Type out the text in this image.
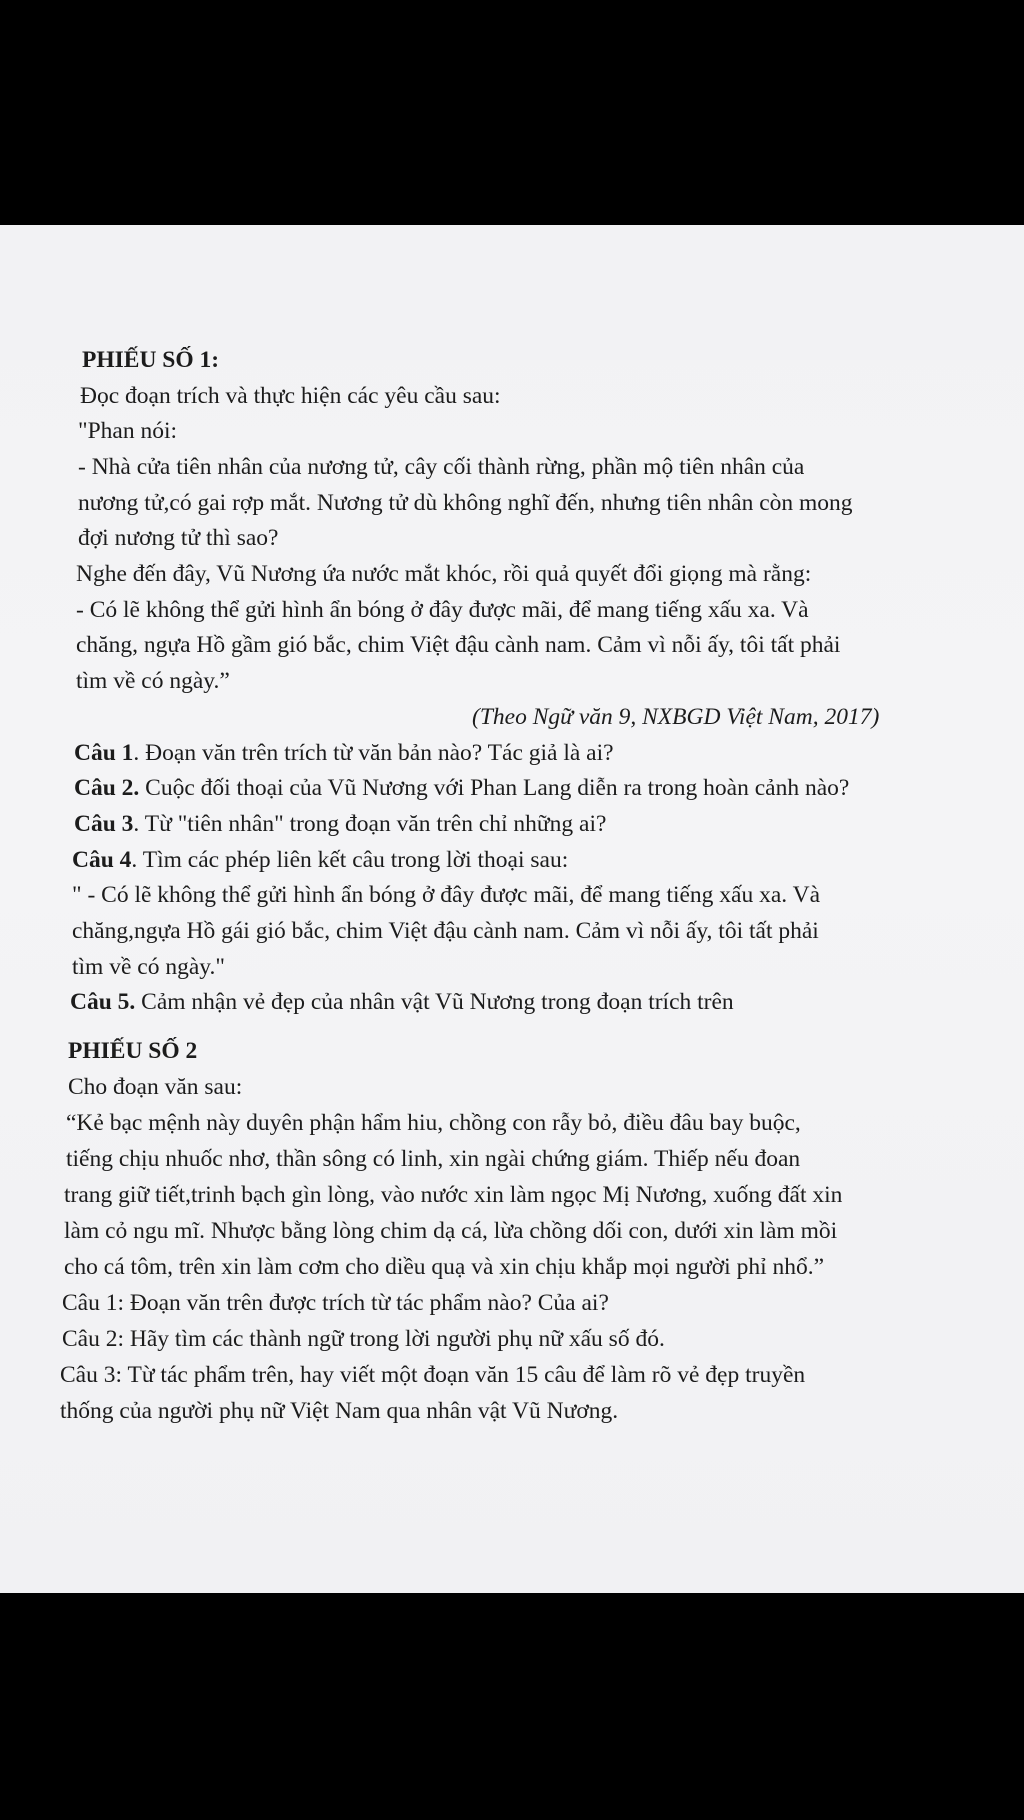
PHIẾU SỐ 1:
Đọc đoạn trích và thực hiện các yêu cầu sau:
"Phan nói:
- Nhà cửa tiên nhân của nương tử, cây cối thành rừng, phần mộ tiên nhân của
nương tử,có gai rợp mắt. Nương tử dù không nghĩ đến, nhưng tiên nhân còn mong
đợi nương tử thì sao?
Nghe đến đây, Vũ Nương ứa nước mắt khóc, rồi quả quyết đổi giọng mà rằng:
- Có lẽ không thể gửi hình ẩn bóng ở đây được mãi, để mang tiếng xấu xa. Và
chăng, ngựa Hồ gầm gió bắc, chim Việt đậu cành nam. Cảm vì nỗi ấy, tôi tất phải
tìm về có ngày.”
(Theo Ngữ văn 9, NXBGD Việt Nam, 2017)
Câu 1. Đoạn văn trên trích từ văn bản nào? Tác giả là ai?
Câu 2. Cuộc đối thoại của Vũ Nương với Phan Lang diễn ra trong hoàn cảnh nào?
Câu 3. Từ "tiên nhân" trong đoạn văn trên chỉ những ai?
Câu 4. Tìm các phép liên kết câu trong lời thoại sau:
" - Có lẽ không thể gửi hình ẩn bóng ở đây được mãi, để mang tiếng xấu xa. Và
chăng,ngựa Hồ gái gió bắc, chim Việt đậu cành nam. Cảm vì nỗi ấy, tôi tất phải
tìm về có ngày."
Câu 5. Cảm nhận vẻ đẹp của nhân vật Vũ Nương trong đoạn trích trên
PHIẾU SỐ 2
Cho đoạn văn sau:
“Kẻ bạc mệnh này duyên phận hẩm hiu, chồng con rẫy bỏ, điều đâu bay buộc,
tiếng chịu nhuốc nhơ, thần sông có linh, xin ngài chứng giám. Thiếp nếu đoan
trang giữ tiết,trinh bạch gìn lòng, vào nước xin làm ngọc Mị Nương, xuống đất xin
làm cỏ ngu mĩ. Nhược bằng lòng chim dạ cá, lừa chồng dối con, dưới xin làm mồi
cho cá tôm, trên xin làm cơm cho diều quạ và xin chịu khắp mọi người phỉ nhổ.”
Câu 1: Đoạn văn trên được trích từ tác phẩm nào? Của ai?
Câu 2: Hãy tìm các thành ngữ trong lời người phụ nữ xấu số đó.
Câu 3: Từ tác phẩm trên, hay viết một đoạn văn 15 câu để làm rõ vẻ đẹp truyền
thống của người phụ nữ Việt Nam qua nhân vật Vũ Nương.
